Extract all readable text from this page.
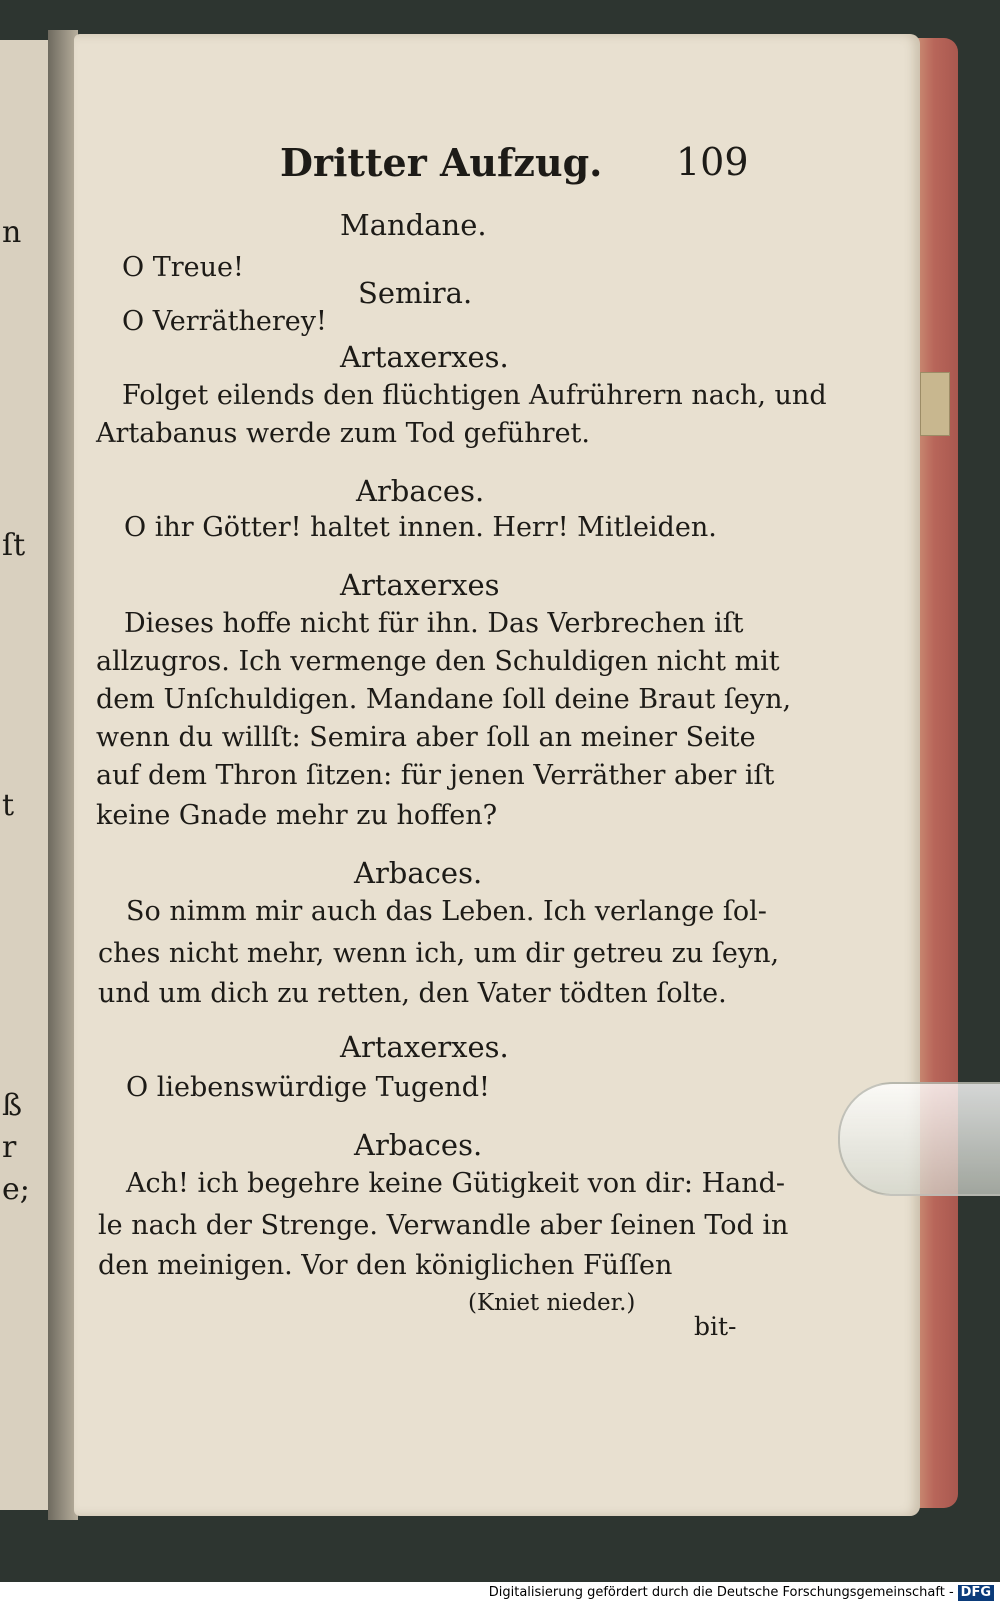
n
ſt
t
ß
r
e;
Dritter Aufzug. 109
Mandane.
O Treue!
Semira.
O Verrätherey!
Artaxerxes.
Folget eilends den flüchtigen Aufrührern nach, und
Artabanus werde zum Tod geführet.
Arbaces.
O ihr Götter! haltet innen. Herr! Mitleiden.
Artaxerxes
Dieses hoffe nicht für ihn. Das Verbrechen iſt
allzugros. Ich vermenge den Schuldigen nicht mit
dem Unſchuldigen. Mandane ſoll deine Braut ſeyn,
wenn du willſt: Semira aber ſoll an meiner Seite
auf dem Thron ſitzen: für jenen Verräther aber iſt
keine Gnade mehr zu hoffen?
Arbaces.
So nimm mir auch das Leben. Ich verlange ſol-
ches nicht mehr, wenn ich, um dir getreu zu ſeyn,
und um dich zu retten, den Vater tödten ſolte.
Artaxerxes.
O liebenswürdige Tugend!
Arbaces.
Ach! ich begehre keine Gütigkeit von dir: Hand-
le nach der Strenge. Verwandle aber ſeinen Tod in
den meinigen. Vor den königlichen Füſſen
(Kniet nieder.)
bit-
Digitalisierung gefördert durch die Deutsche Forschungsgemeinschaft - DFG
